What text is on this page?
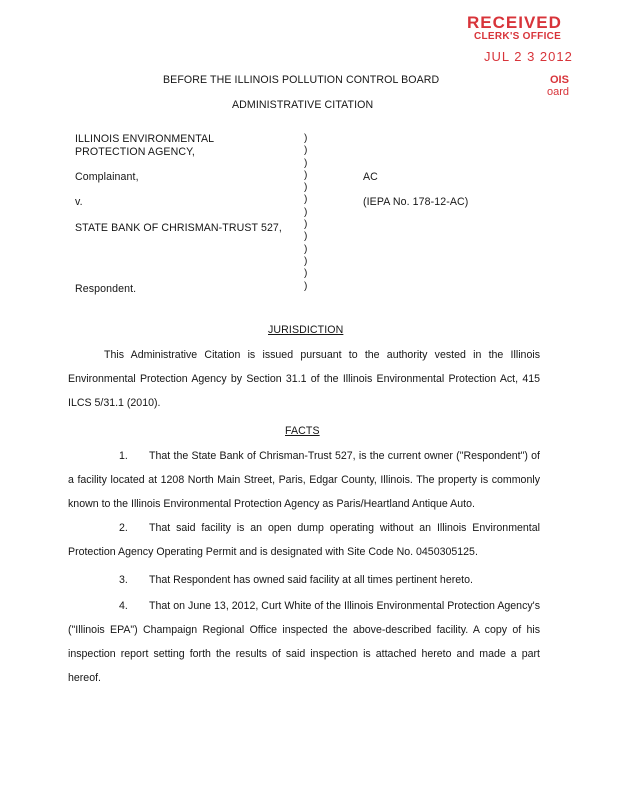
RECEIVED
CLERK'S OFFICE
JUL 2 3 2012
OIS
oard
BEFORE THE ILLINOIS POLLUTION CONTROL BOARD
ADMINISTRATIVE CITATION
ILLINOIS ENVIRONMENTAL
PROTECTION AGENCY,
Complainant,
v.
STATE BANK OF CHRISMAN-TRUST 527,
Respondent.
)
)
)
)
)
)
)
)
)
)
)
)
)
AC
(IEPA No. 178-12-AC)
JURISDICTION

This Administrative Citation is issued pursuant to the authority vested in the Illinois Environmental Protection Agency by Section 31.1 of the Illinois Environmental Protection Act, 415 ILCS 5/31.1 (2010).

FACTS

1.   That the State Bank of Chrisman-Trust 527, is the current owner ("Respondent") of a facility located at 1208 North Main Street, Paris, Edgar County, Illinois. The property is commonly known to the Illinois Environmental Protection Agency as Paris/Heartland Antique Auto.

2.   That said facility is an open dump operating without an Illinois Environmental Protection Agency Operating Permit and is designated with Site Code No. 0450305125.

3.   That Respondent has owned said facility at all times pertinent hereto.

4.   That on June 13, 2012, Curt White of the Illinois Environmental Protection Agency's ("Illinois EPA") Champaign Regional Office inspected the above-described facility. A copy of his inspection report setting forth the results of said inspection is attached hereto and made a part hereof.
